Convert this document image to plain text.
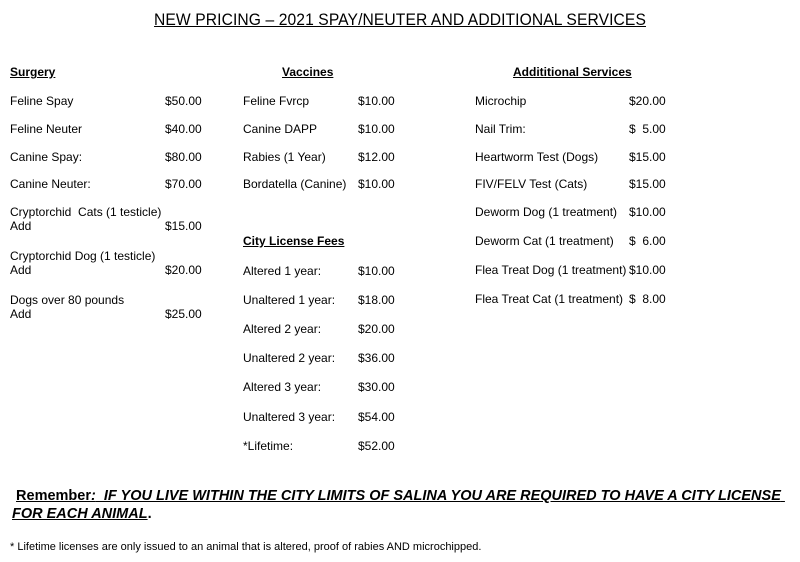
NEW PRICING – 2021 SPAY/NEUTER AND ADDITIONAL SERVICES
Surgery
Feline Spay	$50.00
Feline Neuter	$40.00
Canine Spay:	$80.00
Canine Neuter:	$70.00
Cryptorchid  Cats (1 testicle)
Add	$15.00
Cryptorchid Dog (1 testicle)
Add	$20.00
Dogs over 80 pounds
Add	$25.00
Vaccines
Feline Fvrcp	$10.00
Canine DAPP	$10.00
Rabies (1 Year)	$12.00
Bordatella (Canine) $10.00
City License Fees
Altered 1 year:	$10.00
Unaltered 1 year: $18.00
Altered 2 year:	$20.00
Unaltered 2 year: $36.00
Altered 3 year:	$30.00
Unaltered 3 year: $54.00
*Lifetime:	$52.00
Addititional Services
Microchip	$20.00
Nail Trim:	$  5.00
Heartworm Test (Dogs)	$15.00
FIV/FELV Test (Cats)	$15.00
Deworm Dog (1 treatment) $10.00
Deworm Cat (1 treatment) $  6.00
Flea Treat Dog (1 treatment) $10.00
Flea Treat Cat (1 treatment) $  8.00
Remember:  IF YOU LIVE WITHIN THE CITY LIMITS OF SALINA YOU ARE REQUIRED TO HAVE A CITY LICENSE FOR EACH ANIMAL.
* Lifetime licenses are only issued to an animal that is altered, proof of rabies AND microchipped.
